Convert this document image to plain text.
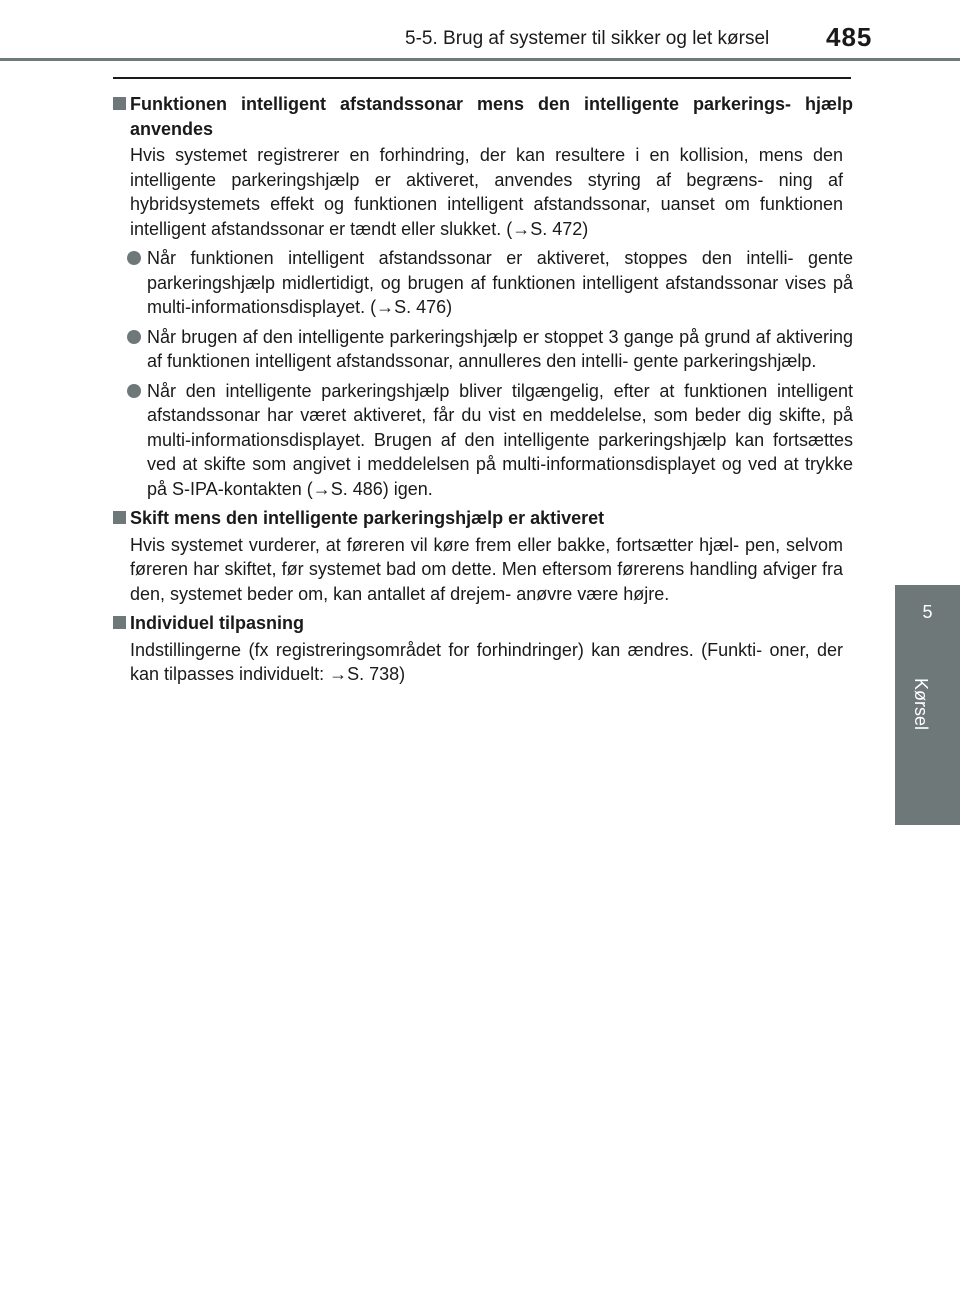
5-5. Brug af systemer til sikker og let kørsel 485
5
Kørsel
Funktionen intelligent afstandssonar mens den intelligente parkerings- hjælp anvendes
Hvis systemet registrerer en forhindring, der kan resultere i en kollision, mens den intelligente parkeringshjælp er aktiveret, anvendes styring af begræns- ning af hybridsystemets effekt og funktionen intelligent afstandssonar, uanset om funktionen intelligent afstandssonar er tændt eller slukket. (→S. 472)
Når funktionen intelligent afstandssonar er aktiveret, stoppes den intelli- gente parkeringshjælp midlertidigt, og brugen af funktionen intelligent afstandssonar vises på multi-informationsdisplayet. (→S. 476)
Når brugen af den intelligente parkeringshjælp er stoppet 3 gange på grund af aktivering af funktionen intelligent afstandssonar, annulleres den intelli- gente parkeringshjælp.
Når den intelligente parkeringshjælp bliver tilgængelig, efter at funktionen intelligent afstandssonar har været aktiveret, får du vist en meddelelse, som beder dig skifte, på multi-informationsdisplayet. Brugen af den intelligente parkeringshjælp kan fortsættes ved at skifte som angivet i meddelelsen på multi-informationsdisplayet og ved at trykke på S-IPA-kontakten (→S. 486) igen.
Skift mens den intelligente parkeringshjælp er aktiveret
Hvis systemet vurderer, at føreren vil køre frem eller bakke, fortsætter hjæl- pen, selvom føreren har skiftet, før systemet bad om dette. Men eftersom førerens handling afviger fra den, systemet beder om, kan antallet af drejem- anøvre være højre.
Individuel tilpasning
Indstillingerne (fx registreringsområdet for forhindringer) kan ændres. (Funkti- oner, der kan tilpasses individuelt: →S. 738)
